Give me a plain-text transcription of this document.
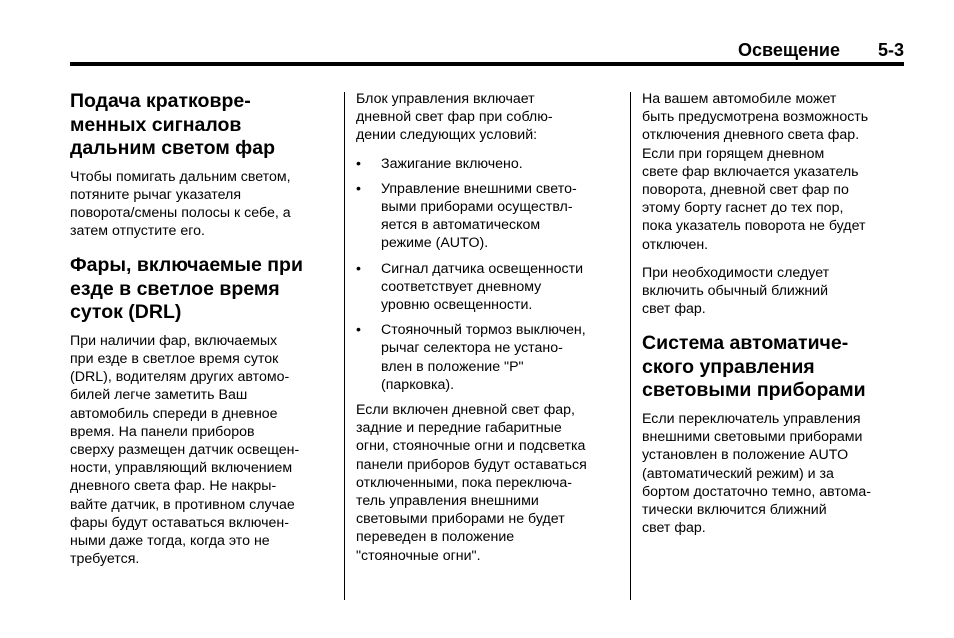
Освещение 5-3
Подача кратковре-
менных сигналов
дальним светом фар

Чтобы помигать дальним светом,
потяните рычаг указателя
поворота/смены полосы к себе, а
затем отпустите его.

Фары, включаемые при
езде в светлое время
суток (DRL)

При наличии фар, включаемых
при езде в светлое время суток
(DRL), водителям других автомо-
билей легче заметить Ваш
автомобиль спереди в дневное
время. На панели приборов
сверху размещен датчик освещен-
ности, управляющий включением
дневного света фар. Не накры-
вайте датчик, в противном случае
фары будут оставаться включен-
ными даже тогда, когда это не
требуется.

Блок управления включает
дневной свет фар при соблю-
дении следующих условий:

• Зажигание включено.
• Управление внешними свето-
выми приборами осуществл-
яется в автоматическом
режиме (AUTO).
• Сигнал датчика освещенности
соответствует дневному
уровню освещенности.
• Стояночный тормоз выключен,
рычаг селектора не устано-
влен в положение "P"
(парковка).

Если включен дневной свет фар,
задние и передние габаритные
огни, стояночные огни и подсветка
панели приборов будут оставаться
отключенными, пока переключа-
тель управления внешними
световыми приборами не будет
переведен в положение
"стояночные огни".

На вашем автомобиле может
быть предусмотрена возможность
отключения дневного света фар.
Если при горящем дневном
свете фар включается указатель
поворота, дневной свет фар по
этому борту гаснет до тех пор,
пока указатель поворота не будет
отключен.

При необходимости следует
включить обычный ближний
свет фар.

Система автоматиче-
ского управления
световыми приборами

Если переключатель управления
внешними световыми приборами
установлен в положение AUTO
(автоматический режим) и за
бортом достаточно темно, автома-
тически включится ближний
свет фар.
